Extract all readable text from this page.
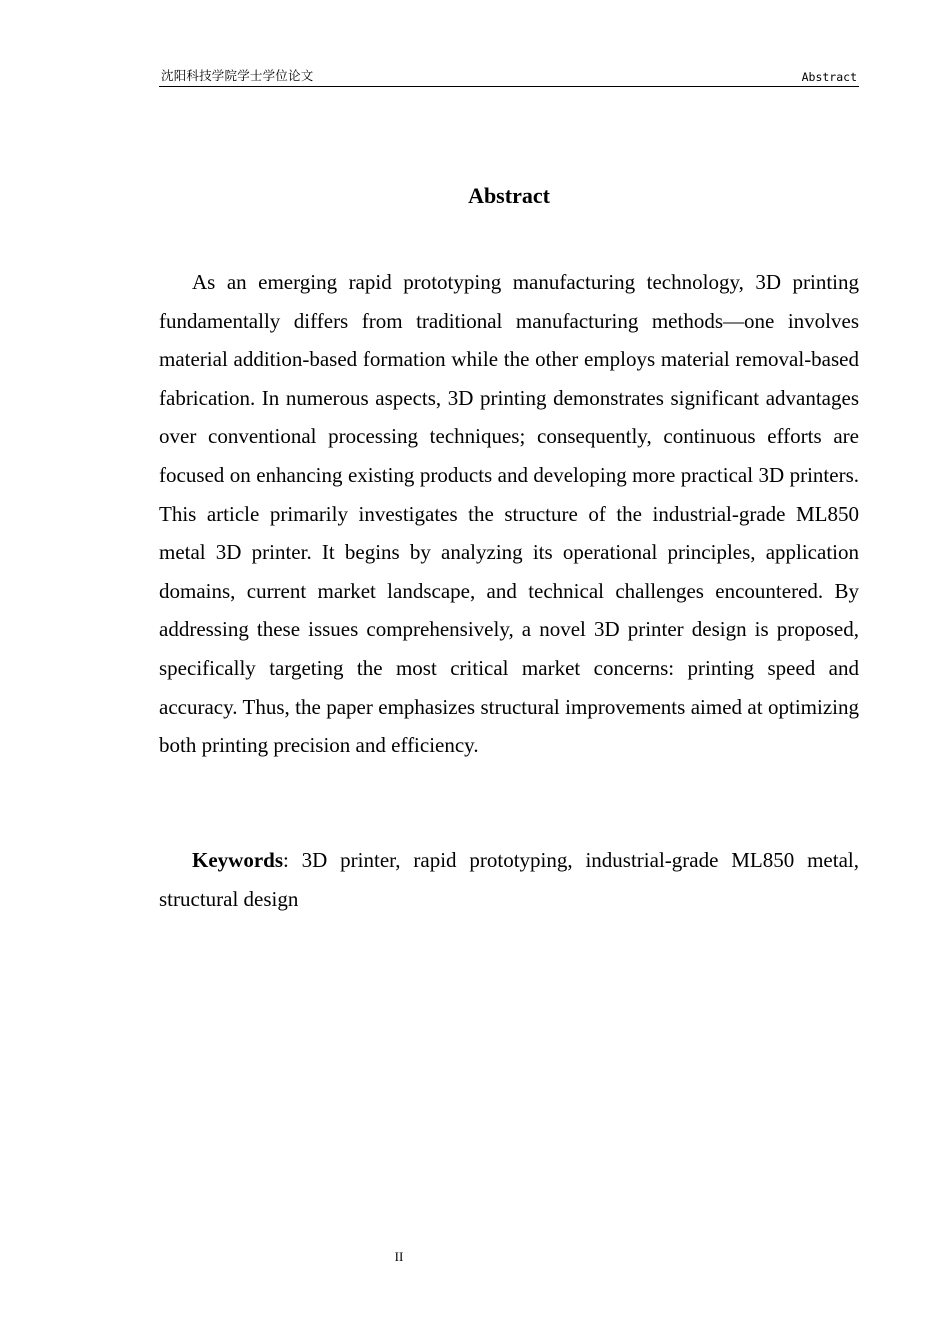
沈阳科技学院学士学位论文	Abstract
Abstract

As an emerging rapid prototyping manufacturing technology, 3D printing fundamentally differs from traditional manufacturing methods—one involves material addition-based formation while the other employs material removal-based fabrication. In numerous aspects, 3D printing demonstrates significant advantages over conventional processing techniques; consequently, continuous efforts are focused on enhancing existing products and developing more practical 3D printers. This article primarily investigates the structure of the industrial-grade ML850 metal 3D printer. It begins by analyzing its operational principles, application domains, current market landscape, and technical challenges encountered. By addressing these issues comprehensively, a novel 3D printer design is proposed, specifically targeting the most critical market concerns: printing speed and accuracy. Thus, the paper emphasizes structural improvements aimed at optimizing both printing precision and efficiency.

Keywords: 3D printer, rapid prototyping, industrial-grade ML850 metal, structural design

II
